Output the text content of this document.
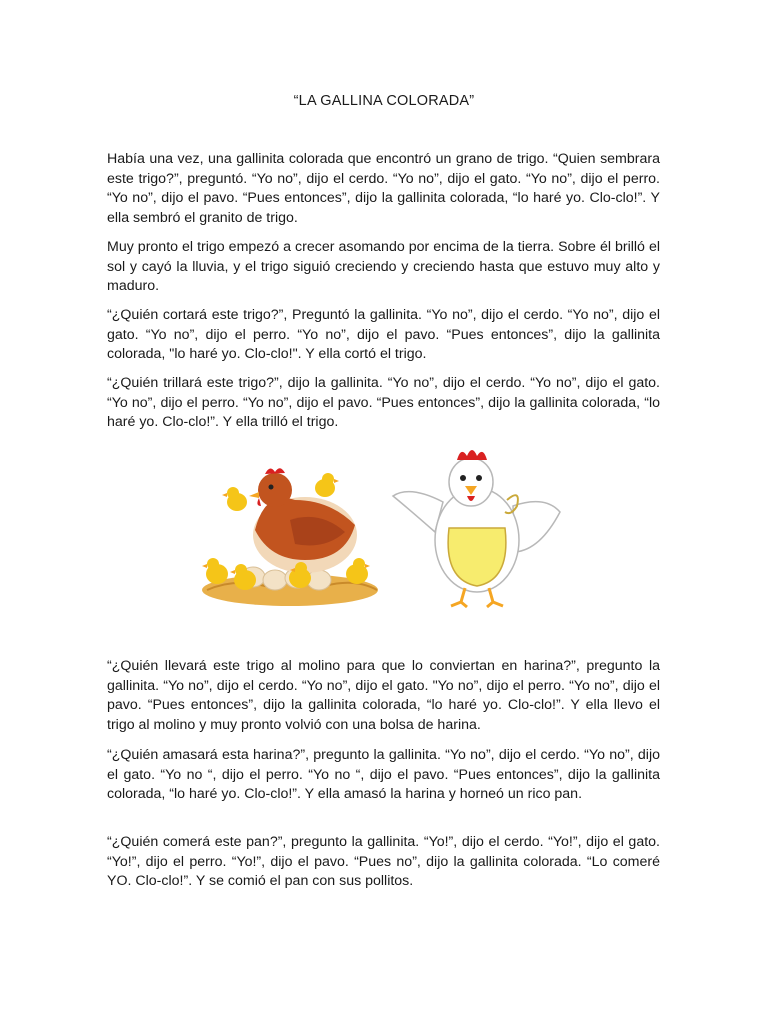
“LA GALLINA COLORADA”

Había una vez, una gallinita colorada que encontró un grano de trigo. “Quien sembrara este trigo?”, preguntó. “Yo no”, dijo el cerdo. “Yo no”, dijo el gato. “Yo no”, dijo el perro. “Yo no”, dijo el pavo. “Pues entonces”, dijo la gallinita colorada, “lo haré yo. Clo-clo!”. Y ella sembró el granito de trigo.

Muy pronto el trigo empezó a crecer asomando por encima de la tierra. Sobre él brilló el sol y cayó la lluvia, y el trigo siguió creciendo y creciendo hasta que estuvo muy alto y maduro.

“¿Quién cortará este trigo?”, Preguntó la gallinita. “Yo no”, dijo el cerdo. “Yo no”, dijo el gato. “Yo no”, dijo el perro. “Yo no”, dijo el pavo. “Pues entonces”, dijo la gallinita colorada, "lo haré yo. Clo-clo!". Y ella cortó el trigo.

“¿Quién trillará este trigo?”, dijo la gallinita. “Yo no”, dijo el cerdo. “Yo no”, dijo el gato. “Yo no”, dijo el perro. “Yo no”, dijo el pavo. “Pues entonces”, dijo la gallinita colorada, “lo haré yo. Clo-clo!”. Y ella trilló el trigo.

“¿Quién llevará este trigo al molino para que lo conviertan en harina?”, pregunto la gallinita. “Yo no”, dijo el cerdo. “Yo no”, dijo el gato. "Yo no”, dijo el perro. “Yo no”, dijo el pavo. “Pues entonces”, dijo la gallinita colorada, “lo haré yo. Clo-clo!”. Y ella llevo el trigo al molino y muy pronto volvió con una bolsa de harina.

“¿Quién amasará esta harina?”, pregunto la gallinita. “Yo no”, dijo el cerdo. “Yo no”, dijo el gato. “Yo no “, dijo el perro. “Yo no “, dijo el pavo. “Pues entonces”, dijo la gallinita colorada, “lo haré yo. Clo-clo!”. Y ella amasó la harina y horneó un rico pan.

“¿Quién comerá este pan?”, pregunto la gallinita. “Yo!”, dijo el cerdo. “Yo!”, dijo el gato. “Yo!”, dijo el perro. “Yo!”, dijo el pavo. “Pues no”, dijo la gallinita colorada. “Lo comeré YO. Clo-clo!”. Y se comió el pan con sus pollitos.
